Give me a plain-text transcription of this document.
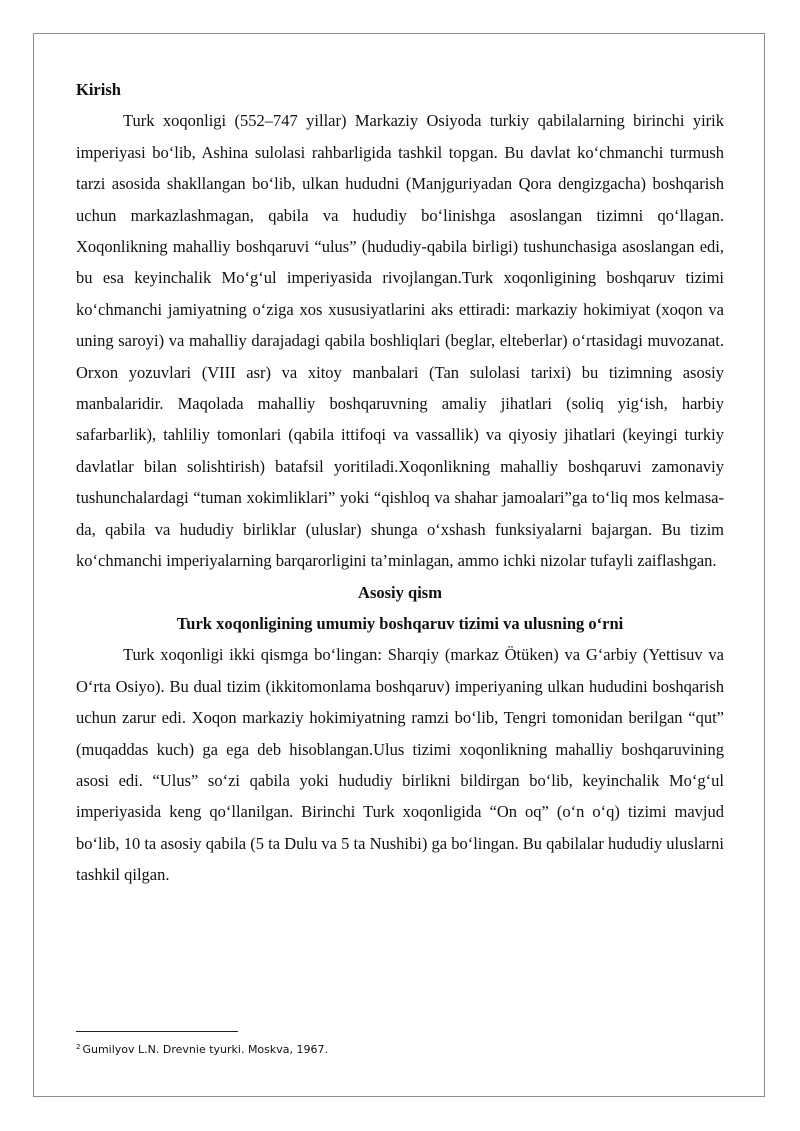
Kirish

Turk xoqonligi (552–747 yillar) Markaziy Osiyoda turkiy qabilalarning birinchi yirik imperiyasi bo‘lib, Ashina sulolasi rahbarligida tashkil topgan. Bu davlat ko‘chmanchi turmush tarzi asosida shakllangan bo‘lib, ulkan hududni (Manjguriyadan Qora dengizgacha) boshqarish uchun markazlashmagan, qabila va hududiy bo‘linishga asoslangan tizimni qo‘llagan. Xoqonlikning mahalliy boshqaruvi “ulus” (hududiy-qabila birligi) tushunchasiga asoslangan edi, bu esa keyinchalik Mo‘g‘ul imperiyasida rivojlangan.Turk xoqonligining boshqaruv tizimi ko‘chmanchi jamiyatning o‘ziga xos xususiyatlarini aks ettiradi: markaziy hokimiyat (xoqon va uning saroyi) va mahalliy darajadagi qabila boshliqlari (beglar, elteberlar) o‘rtasidagi muvozanat. Orxon yozuvlari (VIII asr) va xitoy manbalari (Tan sulolasi tarixi) bu tizimning asosiy manbalaridir. Maqolada mahalliy boshqaruvning amaliy jihatlari (soliq yig‘ish, harbiy safarbarlik), tahliliy tomonlari (qabila ittifoqi va vassallik) va qiyosiy jihatlari (keyingi turkiy davlatlar bilan solishtirish) batafsil yoritiladi.Xoqonlikning mahalliy boshqaruvi zamonaviy tushunchalardagi “tuman xokimliklari” yoki “qishloq va shahar jamoalari”ga to‘liq mos kelmasa-da, qabila va hududiy birliklar (uluslar) shunga o‘xshash funksiyalarni bajargan. Bu tizim ko‘chmanchi imperiyalarning barqarorligini ta’minlagan, ammo ichki nizolar tufayli zaiflashgan.

Asosiy qism

Turk xoqonligining umumiy boshqaruv tizimi va ulusning o‘rni

Turk xoqonligi ikki qismga bo‘lingan: Sharqiy (markaz Ötüken) va G‘arbiy (Yettisuv va O‘rta Osiyo). Bu dual tizim (ikkitomonlama boshqaruv) imperiyaning ulkan hududini boshqarish uchun zarur edi. Xoqon markaziy hokimiyatning ramzi bo‘lib, Tengri tomonidan berilgan “qut” (muqaddas kuch) ga ega deb hisoblangan.Ulus tizimi xoqonlikning mahalliy boshqaruvining asosi edi. “Ulus” so‘zi qabila yoki hududiy birlikni bildirgan bo‘lib, keyinchalik Mo‘g‘ul imperiyasida keng qo‘llanilgan. Birinchi Turk xoqonligida “On oq” (o‘n o‘q) tizimi mavjud bo‘lib, 10 ta asosiy qabila (5 ta Dulu va 5 ta Nushibi) ga bo‘lingan. Bu qabilalar hududiy uluslarni tashkil qilgan.

$^2$ Gumilyov L.N. Drevnie tyurki. Moskva, 1967.
